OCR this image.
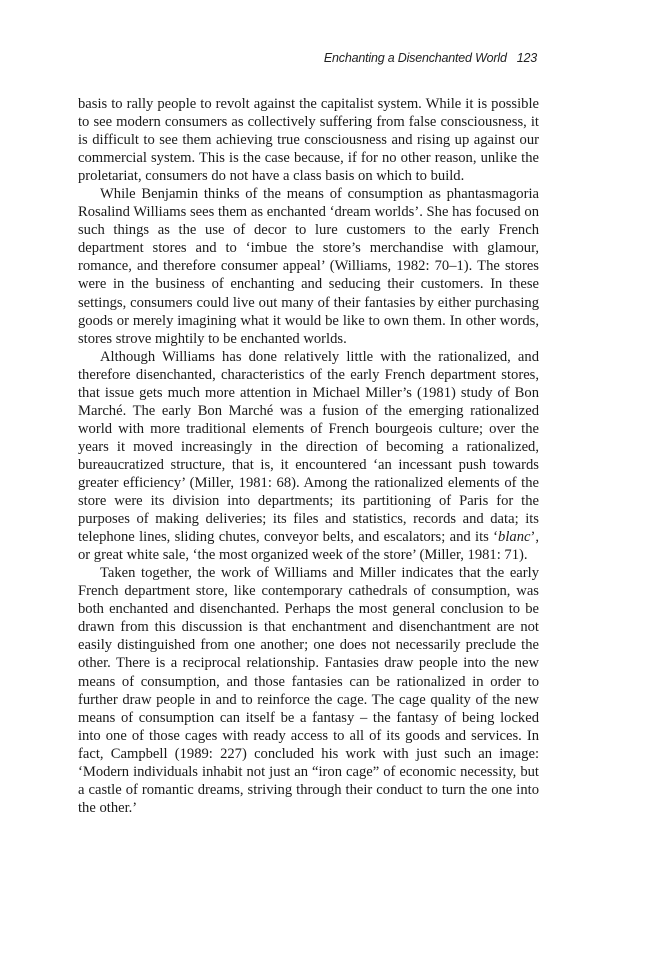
Enchanting a Disenchanted World 123

basis to rally people to revolt against the capitalist system. While it is possible to see modern consumers as collectively suffering from false consciousness, it is difficult to see them achieving true consciousness and rising up against our commercial system. This is the case because, if for no other reason, unlike the proletariat, consumers do not have a class basis on which to build.

While Benjamin thinks of the means of consumption as phantasmagoria Rosalind Williams sees them as enchanted ‘dream worlds’. She has focused on such things as the use of decor to lure customers to the early French department stores and to ‘imbue the store’s merchandise with glamour, romance, and therefore consumer appeal’ (Williams, 1982: 70–1). The stores were in the business of enchanting and seducing their customers. In these settings, consumers could live out many of their fantasies by either purchasing goods or merely imagining what it would be like to own them. In other words, stores strove mightily to be enchanted worlds.

Although Williams has done relatively little with the rationalized, and therefore disenchanted, characteristics of the early French department stores, that issue gets much more attention in Michael Miller’s (1981) study of Bon Marché. The early Bon Marché was a fusion of the emerging rationalized world with more traditional elements of French bourgeois culture; over the years it moved increasingly in the direction of becoming a rationalized, bureaucratized structure, that is, it encountered ‘an incessant push towards greater efficiency’ (Miller, 1981: 68). Among the rationalized elements of the store were its division into departments; its partitioning of Paris for the purposes of making deliveries; its files and statistics, records and data; its telephone lines, sliding chutes, conveyor belts, and escalators; and its ‘blanc’, or great white sale, ‘the most organized week of the store’ (Miller, 1981: 71).

Taken together, the work of Williams and Miller indicates that the early French department store, like contemporary cathedrals of consumption, was both enchanted and disenchanted. Perhaps the most general conclusion to be drawn from this discussion is that enchantment and disenchantment are not easily distinguished from one another; one does not necessarily preclude the other. There is a reciprocal relationship. Fantasies draw people into the new means of consumption, and those fantasies can be rationalized in order to further draw people in and to reinforce the cage. The cage quality of the new means of consumption can itself be a fantasy – the fantasy of being locked into one of those cages with ready access to all of its goods and services. In fact, Campbell (1989: 227) concluded his work with just such an image: ‘Modern individuals inhabit not just an “iron cage” of economic necessity, but a castle of romantic dreams, striving through their conduct to turn the one into the other.’
